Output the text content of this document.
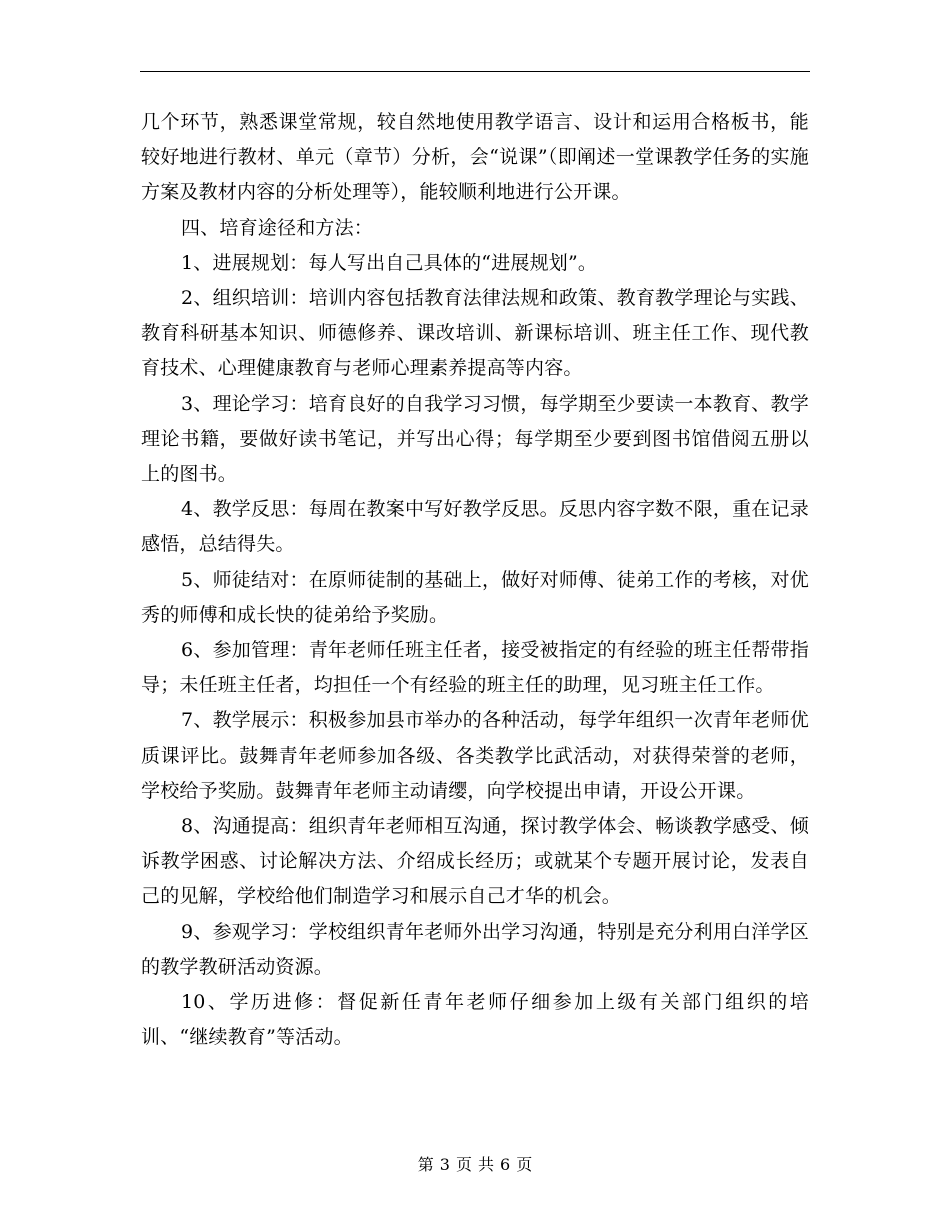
几个环节，熟悉课堂常规，较自然地使用教学语言、设计和运用合格板书，能较好地进行教材、单元（章节）分析，会“说课”（即阐述一堂课教学任务的实施方案及教材内容的分析处理等），能较顺利地进行公开课。

四、培育途径和方法：

1、进展规划：每人写出自己具体的“进展规划”。

2、组织培训：培训内容包括教育法律法规和政策、教育教学理论与实践、教育科研基本知识、师德修养、课改培训、新课标培训、班主任工作、现代教育技术、心理健康教育与老师心理素养提高等内容。

3、理论学习：培育良好的自我学习习惯，每学期至少要读一本教育、教学理论书籍，要做好读书笔记，并写出心得；每学期至少要到图书馆借阅五册以上的图书。

4、教学反思：每周在教案中写好教学反思。反思内容字数不限，重在记录感悟，总结得失。

5、师徒结对：在原师徒制的基础上，做好对师傅、徒弟工作的考核，对优秀的师傅和成长快的徒弟给予奖励。

6、参加管理：青年老师任班主任者，接受被指定的有经验的班主任帮带指导；未任班主任者，均担任一个有经验的班主任的助理，见习班主任工作。

7、教学展示：积极参加县市举办的各种活动，每学年组织一次青年老师优质课评比。鼓舞青年老师参加各级、各类教学比武活动，对获得荣誉的老师，学校给予奖励。鼓舞青年老师主动请缨，向学校提出申请，开设公开课。

8、沟通提高：组织青年老师相互沟通，探讨教学体会、畅谈教学感受、倾诉教学困惑、讨论解决方法、介绍成长经历；或就某个专题开展讨论，发表自己的见解，学校给他们制造学习和展示自己才华的机会。

9、参观学习：学校组织青年老师外出学习沟通，特别是充分利用白洋学区的教学教研活动资源。

10、学历进修：督促新任青年老师仔细参加上级有关部门组织的培训、“继续教育”等活动。

第 3 页 共 6 页
